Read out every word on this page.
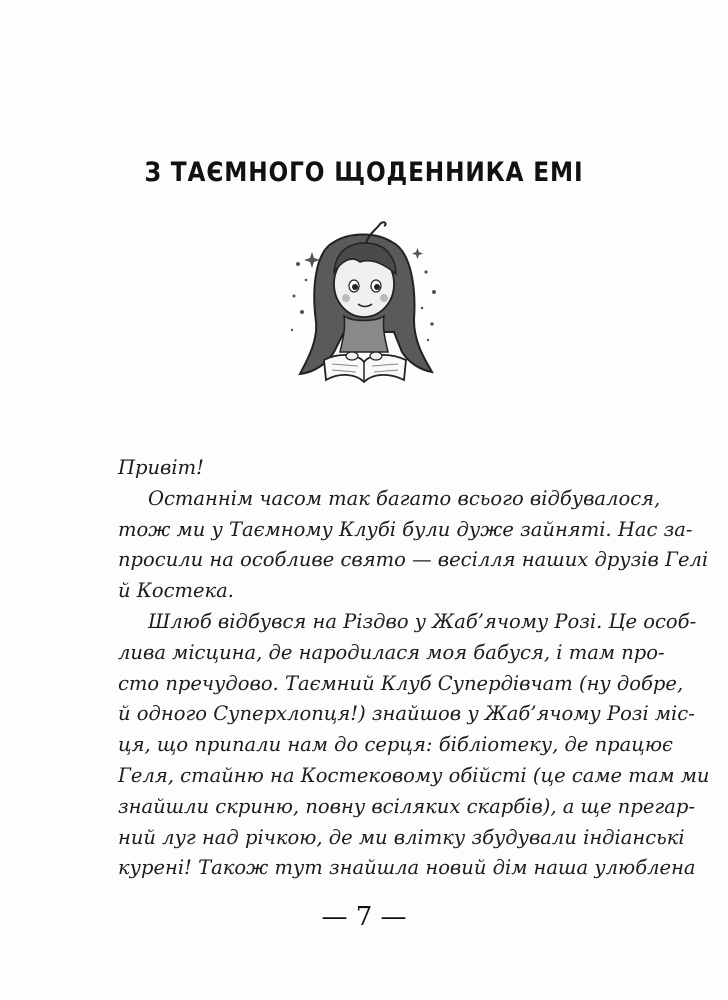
З ТАЄМНОГО ЩОДЕННИКА ЕМІ
Привіт!
Останнім часом так багато всього відбувалося,
тож ми у Таємному Клубі були дуже зайняті. Нас за-
просили на особливе свято — весілля наших друзів Гелі
й Костека.
Шлюб відбувся на Різдво у Жаб’ячому Розі. Це особ-
лива місцина, де народилася моя бабуся, і там про-
сто пречудово. Таємний Клуб Супердівчат (ну добре,
й одного Суперхлопця!) знайшов у Жаб’ячому Розі міс-
ця, що припали нам до серця: бібліотеку, де працює
Геля, стайню на Костековому обійсті (це саме там ми
знайшли скриню, повну всіляких скарбів), а ще прегар-
ний луг над річкою, де ми влітку збудували індіанські
курені! Також тут знайшла новий дім наша улюблена
— 7 —
